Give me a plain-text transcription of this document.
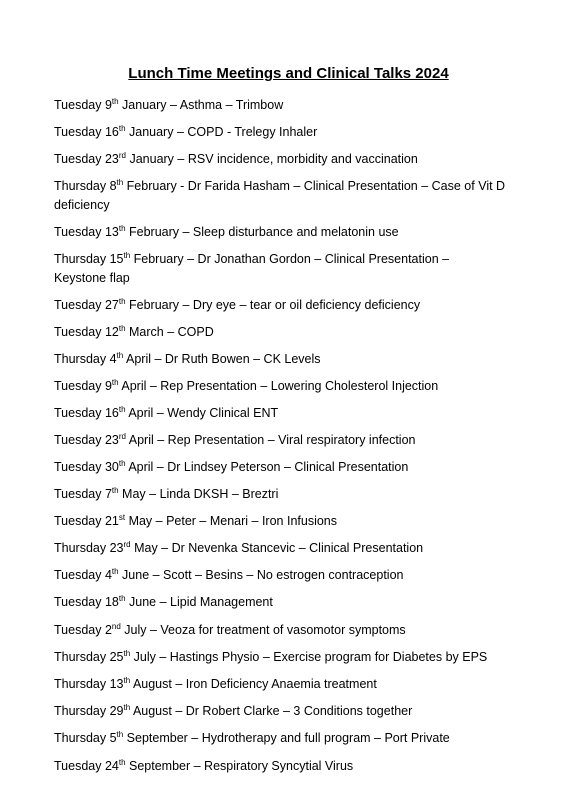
Lunch Time Meetings and Clinical Talks 2024
Tuesday 9th January – Asthma – Trimbow
Tuesday 16th January – COPD - Trelegy Inhaler
Tuesday 23rd January – RSV incidence, morbidity and vaccination
Thursday 8th February - Dr Farida Hasham – Clinical Presentation – Case of Vit D
deficiency
Tuesday 13th February – Sleep disturbance and melatonin use
Thursday 15th February – Dr Jonathan Gordon – Clinical Presentation –
Keystone flap
Tuesday 27th February – Dry eye – tear or oil deficiency deficiency
Tuesday 12th March – COPD
Thursday 4th April – Dr Ruth Bowen – CK Levels
Tuesday 9th April – Rep Presentation – Lowering Cholesterol Injection
Tuesday 16th April – Wendy Clinical ENT
Tuesday 23rd April – Rep Presentation – Viral respiratory infection
Tuesday 30th April – Dr Lindsey Peterson – Clinical Presentation
Tuesday 7th May – Linda DKSH – Breztri
Tuesday 21st May – Peter – Menari – Iron Infusions
Thursday 23rd May – Dr Nevenka Stancevic – Clinical Presentation
Tuesday 4th June – Scott – Besins – No estrogen contraception
Tuesday 18th June – Lipid Management
Tuesday 2nd July – Veoza for treatment of vasomotor symptoms
Thursday 25th July – Hastings Physio – Exercise program for Diabetes by EPS
Thursday 13th August – Iron Deficiency Anaemia treatment
Thursday 29th August – Dr Robert Clarke – 3 Conditions together
Thursday 5th September – Hydrotherapy and full program – Port Private
Tuesday 24th September – Respiratory Syncytial Virus
